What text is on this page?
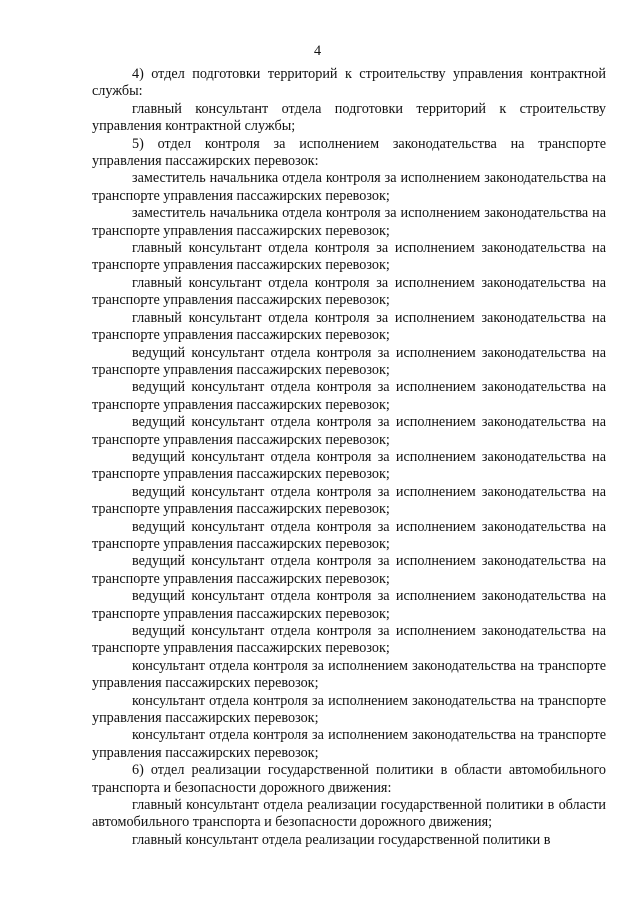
4

4) отдел подготовки территорий к строительству управления контрактной службы:

главный консультант отдела подготовки территорий к строительству управления контрактной службы;

5) отдел контроля за исполнением законодательства на транспорте управления пассажирских перевозок:

заместитель начальника отдела контроля за исполнением законодательства на транспорте управления пассажирских перевозок;

заместитель начальника отдела контроля за исполнением законодательства на транспорте управления пассажирских перевозок;

главный консультант отдела контроля за исполнением законодательства на транспорте управления пассажирских перевозок;

главный консультант отдела контроля за исполнением законодательства на транспорте управления пассажирских перевозок;

главный консультант отдела контроля за исполнением законодательства на транспорте управления пассажирских перевозок;

ведущий консультант отдела контроля за исполнением законодательства на транспорте управления пассажирских перевозок;

ведущий консультант отдела контроля за исполнением законодательства на транспорте управления пассажирских перевозок;

ведущий консультант отдела контроля за исполнением законодательства на транспорте управления пассажирских перевозок;

ведущий консультант отдела контроля за исполнением законодательства на транспорте управления пассажирских перевозок;

ведущий консультант отдела контроля за исполнением законодательства на транспорте управления пассажирских перевозок;

ведущий консультант отдела контроля за исполнением законодательства на транспорте управления пассажирских перевозок;

ведущий консультант отдела контроля за исполнением законодательства на транспорте управления пассажирских перевозок;

ведущий консультант отдела контроля за исполнением законодательства на транспорте управления пассажирских перевозок;

ведущий консультант отдела контроля за исполнением законодательства на транспорте управления пассажирских перевозок;

консультант отдела контроля за исполнением законодательства на транспорте управления пассажирских перевозок;

консультант отдела контроля за исполнением законодательства на транспорте управления пассажирских перевозок;

консультант отдела контроля за исполнением законодательства на транспорте управления пассажирских перевозок;

6) отдел реализации государственной политики в области автомобильного транспорта и безопасности дорожного движения:

главный консультант отдела реализации государственной политики в области автомобильного транспорта и безопасности дорожного движения;

главный консультант отдела реализации государственной политики в
